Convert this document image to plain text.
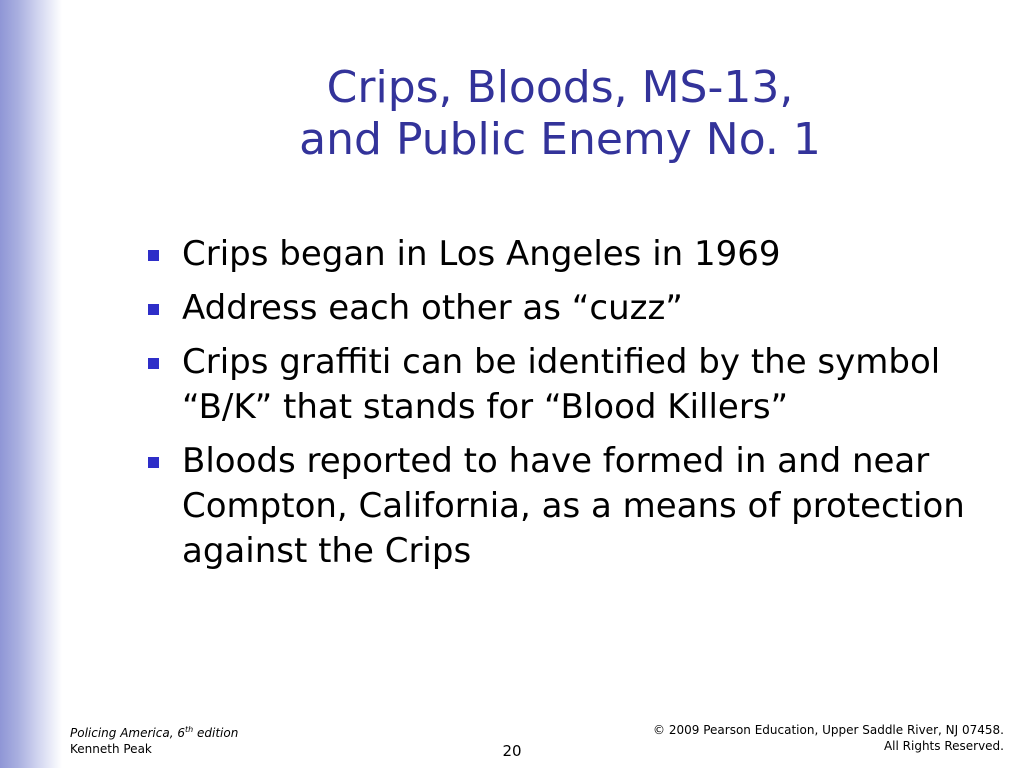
Crips, Bloods, MS-13,
and Public Enemy No. 1
Crips began in Los Angeles in 1969
Address each other as “cuzz”
Crips graffiti can be identified by the symbol “B/K” that stands for “Blood Killers”
Bloods reported to have formed in and near Compton, California, as a means of protection against the Crips
Policing America, 6th edition
Kenneth Peak	20
© 2009 Pearson Education, Upper Saddle River, NJ 07458.
All Rights Reserved.
